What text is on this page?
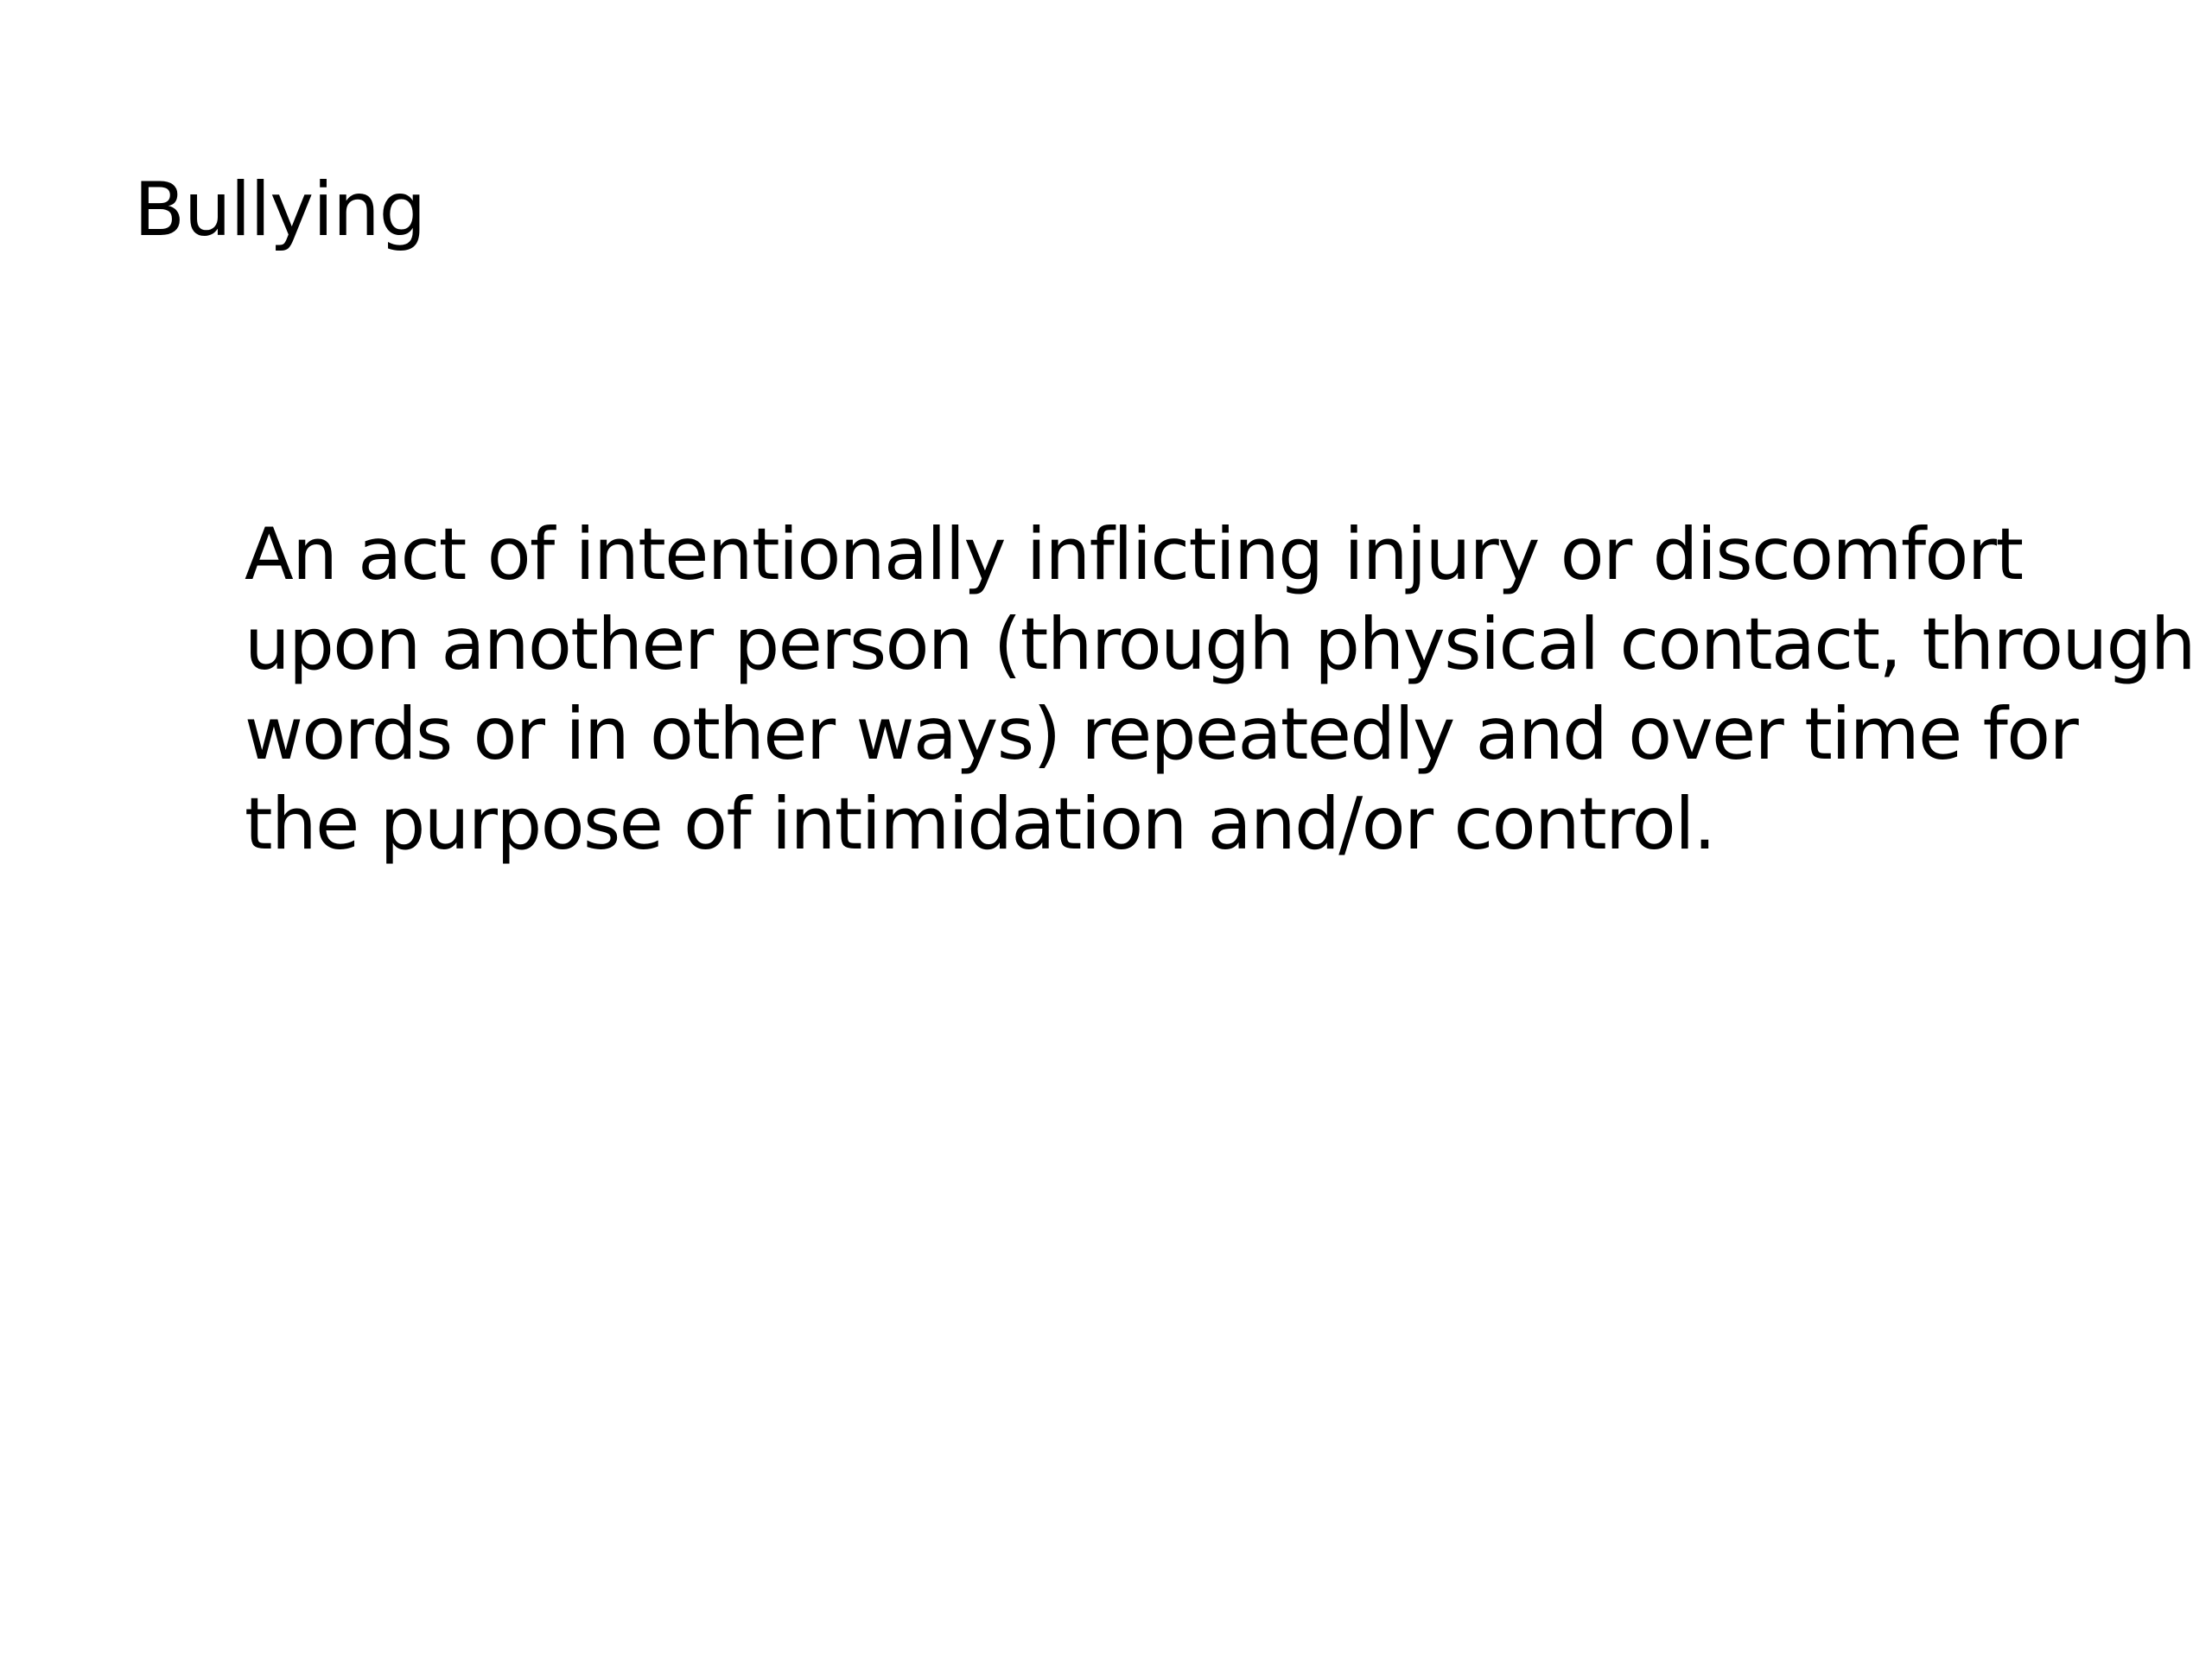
Bullying

An act of intentionally inflicting injury or discomfort
upon another person (through physical contact, through
words or in other ways) repeatedly and over time for
the purpose of intimidation and/or control.
